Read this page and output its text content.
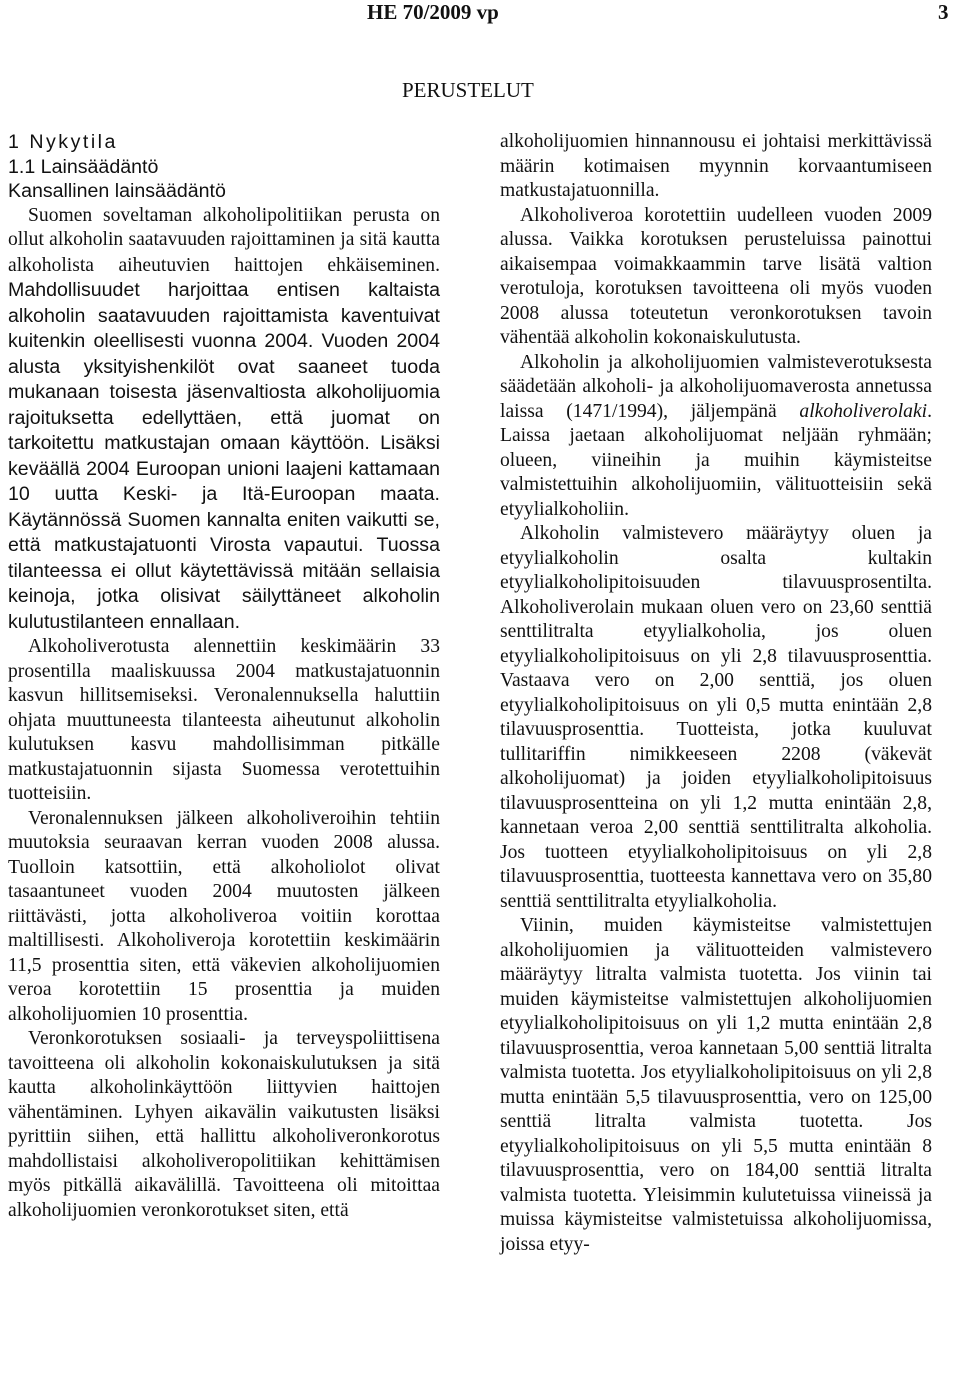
HE 70/2009 vp	3
PERUSTELUT

1 Nykytila

1.1 Lainsäädäntö

Kansallinen lainsäädäntö

Suomen soveltaman alkoholipolitiikan perusta on ollut alkoholin saatavuuden rajoittaminen ja sitä kautta alkoholista aiheutuvien haittojen ehkäiseminen. Mahdollisuudet harjoittaa entisen kaltaista alkoholin saatavuuden rajoittamista kaventuivat kuitenkin oleellisesti vuonna 2004. Vuoden 2004 alusta yksityishenkilöt ovat saaneet tuoda mukanaan toisesta jäsenvaltiosta alkoholijuomia rajoituksetta edellyttäen, että juomat on tarkoitettu matkustajan omaan käyttöön. Lisäksi keväällä 2004 Euroopan unioni laajeni kattamaan 10 uutta Keski- ja Itä-Euroopan maata. Käytännössä Suomen kannalta eniten vaikutti se, että matkustajatuonti Virosta vapautui. Tuossa tilanteessa ei ollut käytettävissä mitään sellaisia keinoja, jotka olisivat säilyttäneet alkoholin kulutustilanteen ennallaan.

Alkoholiverotusta alennettiin keskimäärin 33 prosentilla maaliskuussa 2004 matkustajatuonnin kasvun hillitsemiseksi. Veronalennuksella haluttiin ohjata muuttuneesta tilanteesta aiheutunut alkoholin kulutuksen kasvu mahdollisimman pitkälle matkustajatuonnin sijasta Suomessa verotettuihin tuotteisiin.

Veronalennuksen jälkeen alkoholiveroihin tehtiin muutoksia seuraavan kerran vuoden 2008 alussa. Tuolloin katsottiin, että alkoholiolot olivat tasaantuneet vuoden 2004 muutosten jälkeen riittävästi, jotta alkoholiveroa voitiin korottaa maltillisesti. Alkoholiveroja korotettiin keskimäärin 11,5 prosenttia siten, että väkevien alkoholijuomien veroa korotettiin 15 prosenttia ja muiden alkoholijuomien 10 prosenttia.

Veronkorotuksen sosiaali- ja terveyspoliittisena tavoitteena oli alkoholin kokonaiskulutuksen ja sitä kautta alkoholinkäyttöön liittyvien haittojen vähentäminen. Lyhyen aikavälin vaikutusten lisäksi pyrittiin siihen, että hallittu alkoholiveronkorotus mahdollistaisi alkoholiveropolitiikan kehittämisen myös pitkällä aikavälillä. Tavoitteena oli mitoittaa alkoholijuomien veronkorotukset siten, että

alkoholijuomien hinnannousu ei johtaisi merkittävissä määrin kotimaisen myynnin korvaantumiseen matkustajatuonnilla.

Alkoholiveroa korotettiin uudelleen vuoden 2009 alussa. Vaikka korotuksen perusteluissa painottui aikaisempaa voimakkaammin tarve lisätä valtion verotuloja, korotuksen tavoitteena oli myös vuoden 2008 alussa toteutetun veronkorotuksen tavoin vähentää alkoholin kokonaiskulutusta.

Alkoholin ja alkoholijuomien valmisteverotuksesta säädetään alkoholi- ja alkoholijuomaverosta annetussa laissa (1471/1994), jäljempänä alkoholiverolaki. Laissa jaetaan alkoholijuomat neljään ryhmään; olueen, viineihin ja muihin käymisteitse valmistettuihin alkoholijuomiin, välituotteisiin sekä etyylialkoholiin.

Alkoholin valmistevero määräytyy oluen ja etyylialkoholin osalta kultakin etyylialkoholipitoisuuden tilavuusprosentilta. Alkoholiverolain mukaan oluen vero on 23,60 senttiä senttilitralta etyylialkoholia, jos oluen etyylialkoholipitoisuus on yli 2,8 tilavuusprosenttia. Vastaava vero on 2,00 senttiä, jos oluen etyylialkoholipitoisuus on yli 0,5 mutta enintään 2,8 tilavuusprosenttia. Tuotteista, jotka kuuluvat tullitariffin nimikkeeseen 2208 (väkevät alkoholijuomat) ja joiden etyylialkoholipitoisuus tilavuusprosentteina on yli 1,2 mutta enintään 2,8, kannetaan veroa 2,00 senttiä senttilitralta alkoholia. Jos tuotteen etyylialkoholipitoisuus on yli 2,8 tilavuusprosenttia, tuotteesta kannettava vero on 35,80 senttiä senttilitralta etyylialkoholia.

Viinin, muiden käymisteitse valmistettujen alkoholijuomien ja välituotteiden valmistevero määräytyy litralta valmista tuotetta. Jos viinin tai muiden käymisteitse valmistettujen alkoholijuomien etyylialkoholipitoisuus on yli 1,2 mutta enintään 2,8 tilavuusprosenttia, veroa kannetaan 5,00 senttiä litralta valmista tuotetta. Jos etyylialkoholipitoisuus on yli 2,8 mutta enintään 5,5 tilavuusprosenttia, vero on 125,00 senttiä litralta valmista tuotetta. Jos etyylialkoholipitoisuus on yli 5,5 mutta enintään 8 tilavuusprosenttia, vero on 184,00 senttiä litralta valmista tuotetta. Yleisimmin kulutetuissa viineissä ja muissa käymisteitse valmistetuissa alkoholijuomissa, joissa etyy-
